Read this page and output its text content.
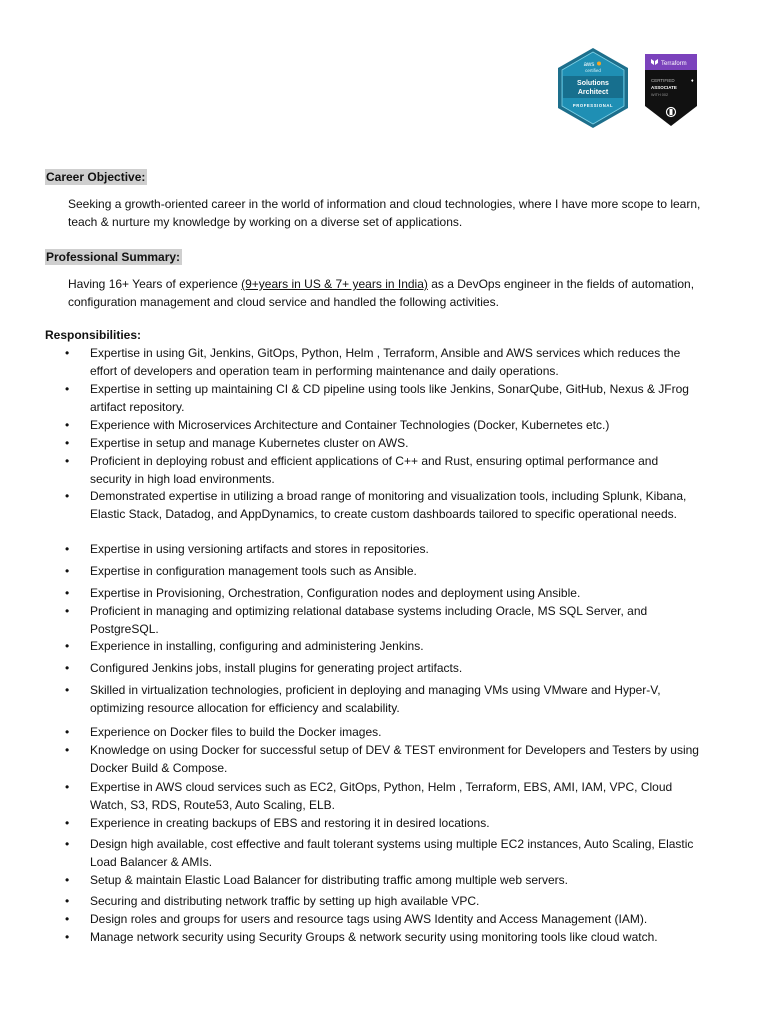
aws
certified
Solutions
Architect
PROFESSIONAL
Terraform
CERTIFIED
ASSOCIATE
WITH 002
♦
Career Objective:
Seeking a growth-oriented career in the world of information and cloud technologies, where I have more scope to learn, teach & nurture my knowledge by working on a diverse set of applications.
Professional Summary:
Having 16+ Years of experience (9+years in US & 7+ years in India) as a DevOps engineer in the fields of automation, configuration management and cloud service and handled the following activities.
Responsibilities:
• Expertise in using Git, Jenkins, GitOps, Python, Helm , Terraform, Ansible and AWS services which reduces the effort of developers and operation team in performing maintenance and daily operations.
• Expertise in setting up maintaining CI & CD pipeline using tools like Jenkins, SonarQube, GitHub, Nexus & JFrog artifact repository.
• Experience with Microservices Architecture and Container Technologies (Docker, Kubernetes etc.)
• Expertise in setup and manage Kubernetes cluster on AWS.
• Proficient in deploying robust and efficient applications of C++ and Rust, ensuring optimal performance and security in high load environments.
• Demonstrated expertise in utilizing a broad range of monitoring and visualization tools, including Splunk, Kibana, Elastic Stack, Datadog, and AppDynamics, to create custom dashboards tailored to specific operational needs.
• Expertise in using versioning artifacts and stores in repositories.
• Expertise in configuration management tools such as Ansible.
• Expertise in Provisioning, Orchestration, Configuration nodes and deployment using Ansible.
• Proficient in managing and optimizing relational database systems including Oracle, MS SQL Server, and PostgreSQL.
• Experience in installing, configuring and administering Jenkins.
• Configured Jenkins jobs, install plugins for generating project artifacts.
• Skilled in virtualization technologies, proficient in deploying and managing VMs using VMware and Hyper-V, optimizing resource allocation for efficiency and scalability.
• Experience on Docker files to build the Docker images.
• Knowledge on using Docker for successful setup of DEV & TEST environment for Developers and Testers by using Docker Build & Compose.
• Expertise in AWS cloud services such as EC2, GitOps, Python, Helm , Terraform, EBS, AMI, IAM, VPC, Cloud Watch, S3, RDS, Route53, Auto Scaling, ELB.
• Experience in creating backups of EBS and restoring it in desired locations.
• Design high available, cost effective and fault tolerant systems using multiple EC2 instances, Auto Scaling, Elastic Load Balancer & AMIs.
• Setup & maintain Elastic Load Balancer for distributing traffic among multiple web servers.
• Securing and distributing network traffic by setting up high available VPC.
• Design roles and groups for users and resource tags using AWS Identity and Access Management (IAM).
• Manage network security using Security Groups & network security using monitoring tools like cloud watch.
